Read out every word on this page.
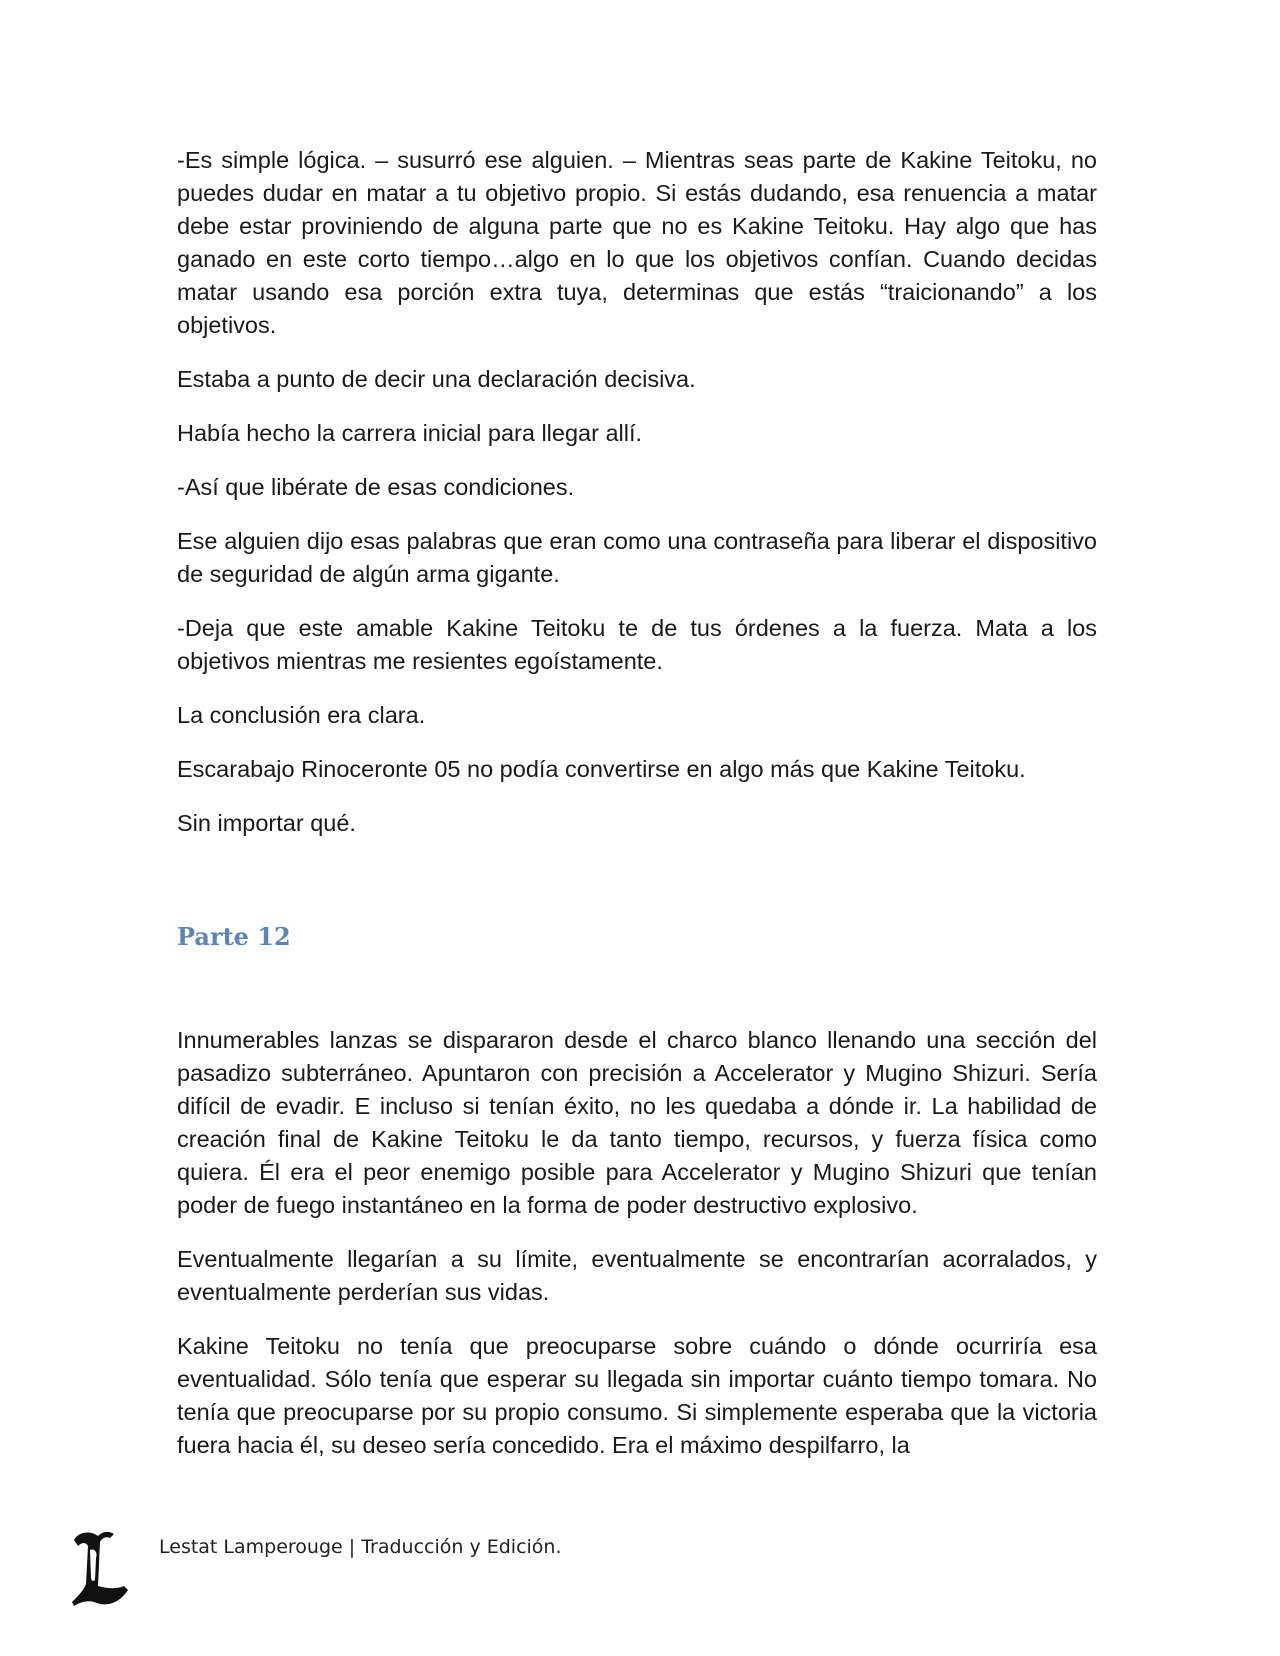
-Es simple lógica. – susurró ese alguien. – Mientras seas parte de Kakine Teitoku, no puedes dudar en matar a tu objetivo propio. Si estás dudando, esa renuencia a matar debe estar proviniendo de alguna parte que no es Kakine Teitoku. Hay algo que has ganado en este corto tiempo…algo en lo que los objetivos confían. Cuando decidas matar usando esa porción extra tuya, determinas que estás “traicionando” a los objetivos.

Estaba a punto de decir una declaración decisiva.

Había hecho la carrera inicial para llegar allí.

-Así que libérate de esas condiciones.

Ese alguien dijo esas palabras que eran como una contraseña para liberar el dispositivo de seguridad de algún arma gigante.

-Deja que este amable Kakine Teitoku te de tus órdenes a la fuerza. Mata a los objetivos mientras me resientes egoístamente.

La conclusión era clara.

Escarabajo Rinoceronte 05 no podía convertirse en algo más que Kakine Teitoku.

Sin importar qué.

Parte 12

Innumerables lanzas se dispararon desde el charco blanco llenando una sección del pasadizo subterráneo. Apuntaron con precisión a Accelerator y Mugino Shizuri. Sería difícil de evadir. E incluso si tenían éxito, no les quedaba a dónde ir. La habilidad de creación final de Kakine Teitoku le da tanto tiempo, recursos, y fuerza física como quiera. Él era el peor enemigo posible para Accelerator y Mugino Shizuri que tenían poder de fuego instantáneo en la forma de poder destructivo explosivo.

Eventualmente llegarían a su límite, eventualmente se encontrarían acorralados, y eventualmente perderían sus vidas.

Kakine Teitoku no tenía que preocuparse sobre cuándo o dónde ocurriría esa eventualidad. Sólo tenía que esperar su llegada sin importar cuánto tiempo tomara. No tenía que preocuparse por su propio consumo. Si simplemente esperaba que la victoria fuera hacia él, su deseo sería concedido. Era el máximo despilfarro, la

Lestat Lamperouge | Traducción y Edición.
